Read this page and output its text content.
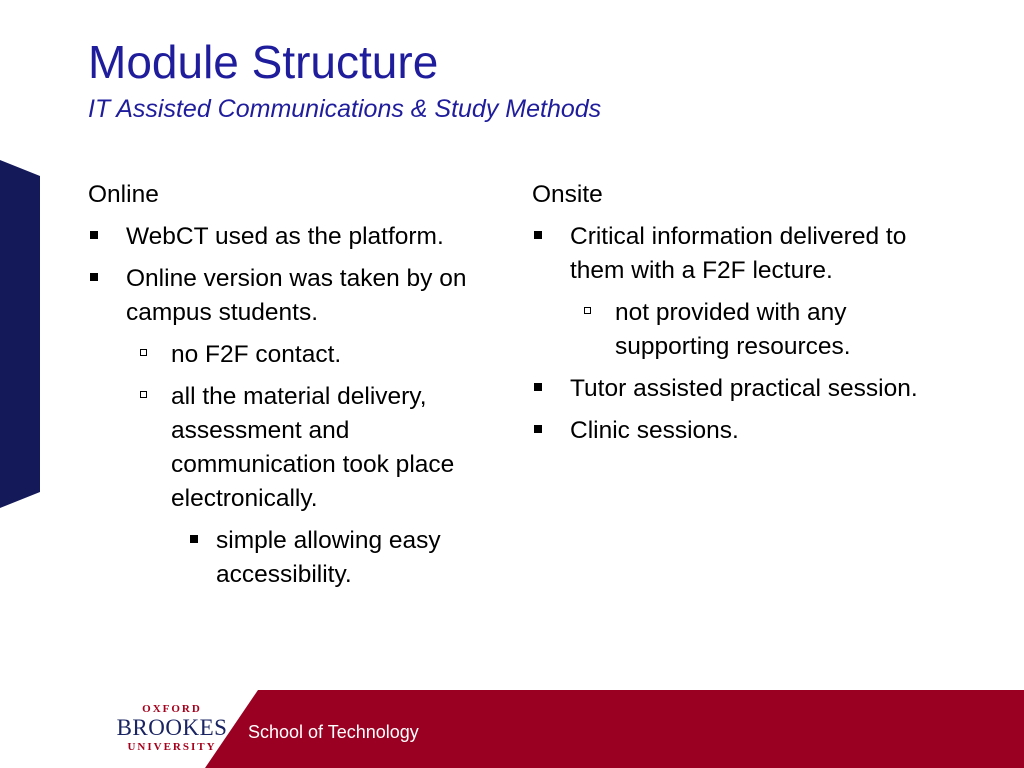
Module Structure
IT Assisted Communications & Study Methods
Online
WebCT used as the platform.
Online version was taken by on campus students.
no F2F contact.
all the material delivery, assessment and communication took place electronically.
simple allowing easy accessibility.
Onsite
Critical information delivered to them with a F2F lecture.
not provided with any supporting resources.
Tutor assisted practical session.
Clinic sessions.
OXFORD
BROOKES
UNIVERSITY
School of Technology
